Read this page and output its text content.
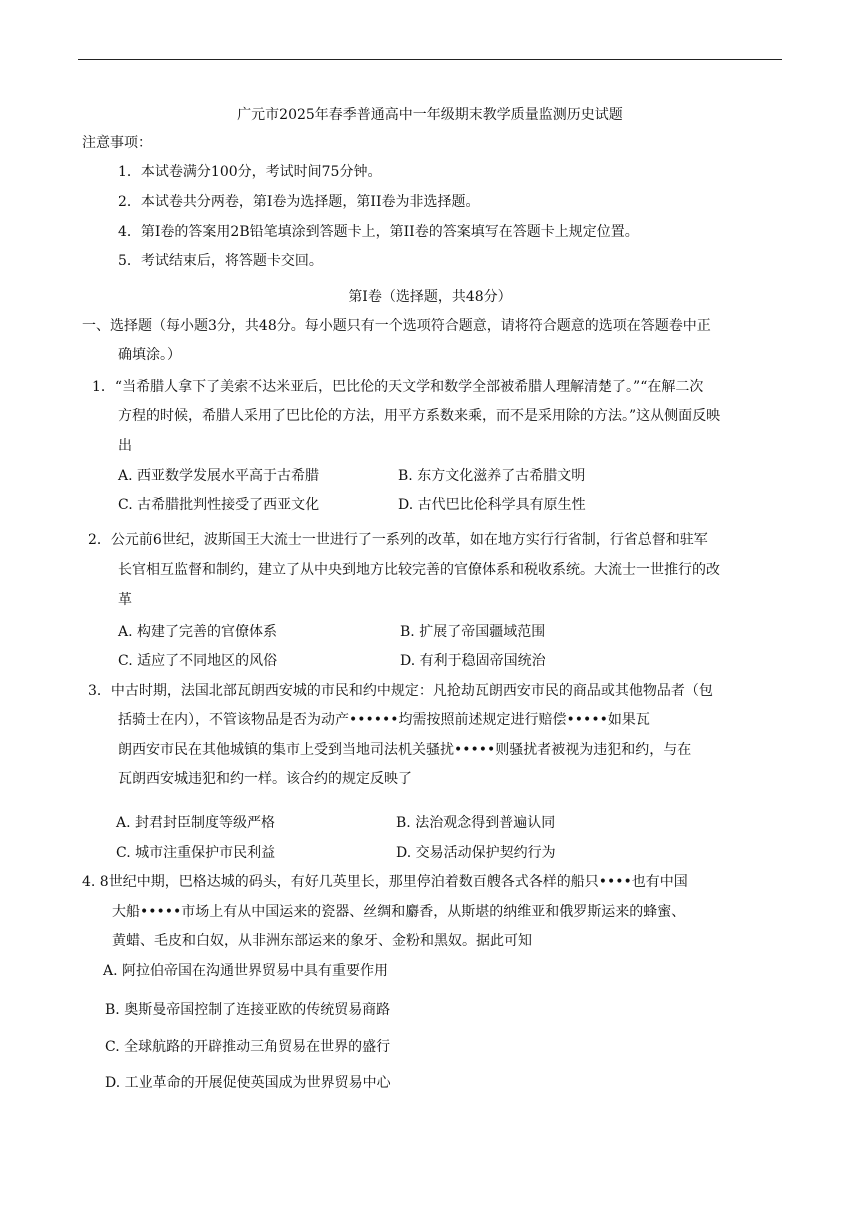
广元市2025年春季普通高中一年级期末教学质量监测历史试题
注意事项：
1．本试卷满分100分，考试时间75分钟。
2．本试卷共分两卷，第I卷为选择题，第II卷为非选择题。
4．第I卷的答案用2B铅笔填涂到答题卡上，第II卷的答案填写在答题卡上规定位置。
5．考试结束后，将答题卡交回。
第I卷（选择题，共48分）
一、选择题（每小题3分，共48分。每小题只有一个选项符合题意，请将符合题意的选项在答题卷中正
确填涂。）
1．“当希腊人拿下了美索不达米亚后，巴比伦的天文学和数学全部被希腊人理解清楚了。”“在解二次
方程的时候，希腊人采用了巴比伦的方法，用平方系数来乘，而不是采用除的方法。”这从侧面反映
出
A. 西亚数学发展水平高于古希腊	B. 东方文化滋养了古希腊文明
C. 古希腊批判性接受了西亚文化	D. 古代巴比伦科学具有原生性
2．公元前6世纪，波斯国王大流士一世进行了一系列的改革，如在地方实行行省制，行省总督和驻军
长官相互监督和制约，建立了从中央到地方比较完善的官僚体系和税收系统。大流士一世推行的改
革
A. 构建了完善的官僚体系	B. 扩展了帝国疆域范围
C. 适应了不同地区的风俗	D. 有利于稳固帝国统治
3．中古时期，法国北部瓦朗西安城的市民和约中规定：凡抢劫瓦朗西安市民的商品或其他物品者（包
括骑士在内），不管该物品是否为动产••••••均需按照前述规定进行赔偿•••••如果瓦
朗西安市民在其他城镇的集市上受到当地司法机关骚扰•••••则骚扰者被视为违犯和约，与在
瓦朗西安城违犯和约一样。该合约的规定反映了
A. 封君封臣制度等级严格	B. 法治观念得到普遍认同
C. 城市注重保护市民利益	D. 交易活动保护契约行为
4. 8世纪中期，巴格达城的码头，有好几英里长，那里停泊着数百艘各式各样的船只••••也有中国
大船•••••市场上有从中国运来的瓷器、丝绸和麝香，从斯堪的纳维亚和俄罗斯运来的蜂蜜、
黄蜡、毛皮和白奴，从非洲东部运来的象牙、金粉和黑奴。据此可知
A. 阿拉伯帝国在沟通世界贸易中具有重要作用
B. 奥斯曼帝国控制了连接亚欧的传统贸易商路
C. 全球航路的开辟推动三角贸易在世界的盛行
D. 工业革命的开展促使英国成为世界贸易中心
